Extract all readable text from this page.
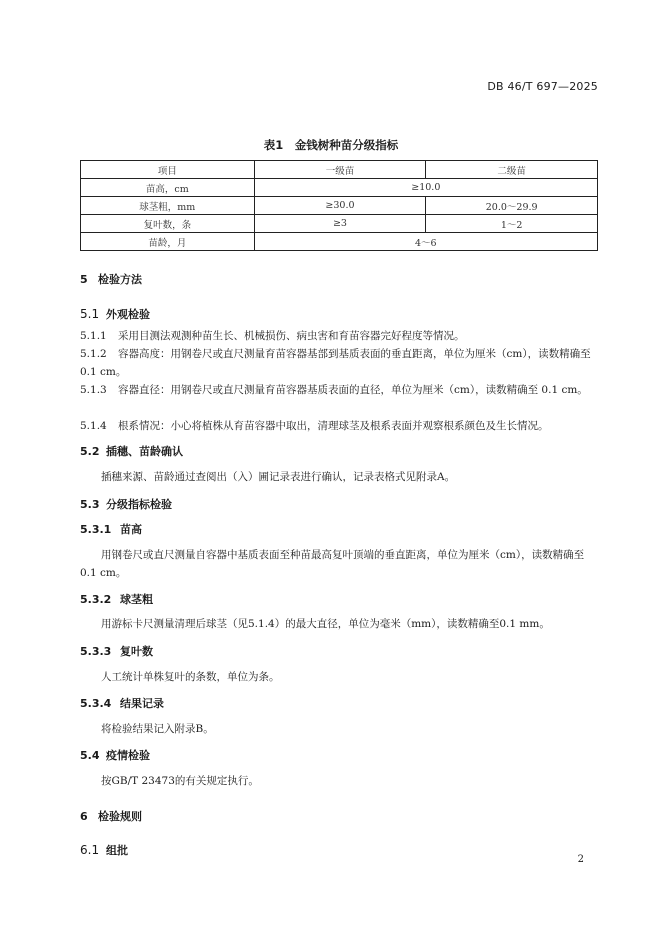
DB 46/T 697—2025
表1　金钱树种苗分级指标
项目	一级苗	二级苗
苗高，cm	≥10.0	
球茎粗，mm	≥30.0	20.0～29.9
复叶数，条	≥3	1～2
苗龄，月	4～6	
5 检验方法
5.1 外观检验
5.1.1 采用目测法观测种苗生长、机械损伤、病虫害和育苗容器完好程度等情况。
5.1.2 容器高度：用钢卷尺或直尺测量育苗容器基部到基质表面的垂直距离，单位为厘米（cm），读数精确至 0.1 cm。
5.1.3 容器直径：用钢卷尺或直尺测量育苗容器基质表面的直径，单位为厘米（cm），读数精确至 0.1 cm。
5.1.4 根系情况：小心将植株从育苗容器中取出，清理球茎及根系表面并观察根系颜色及生长情况。
5.2 插穗、苗龄确认
插穗来源、苗龄通过查阅出（入）圃记录表进行确认，记录表格式见附录A。
5.3 分级指标检验
5.3.1 苗高
用钢卷尺或直尺测量自容器中基质表面至种苗最高复叶顶端的垂直距离，单位为厘米（cm），读数精确至0.1 cm。
5.3.2 球茎粗
用游标卡尺测量清理后球茎（见5.1.4）的最大直径，单位为毫米（mm），读数精确至0.1 mm。
5.3.3 复叶数
人工统计单株复叶的条数，单位为条。
5.3.4 结果记录
将检验结果记入附录B。
5.4 疫情检验
按GB/T 23473的有关规定执行。
6 检验规则
6.1 组批
2
